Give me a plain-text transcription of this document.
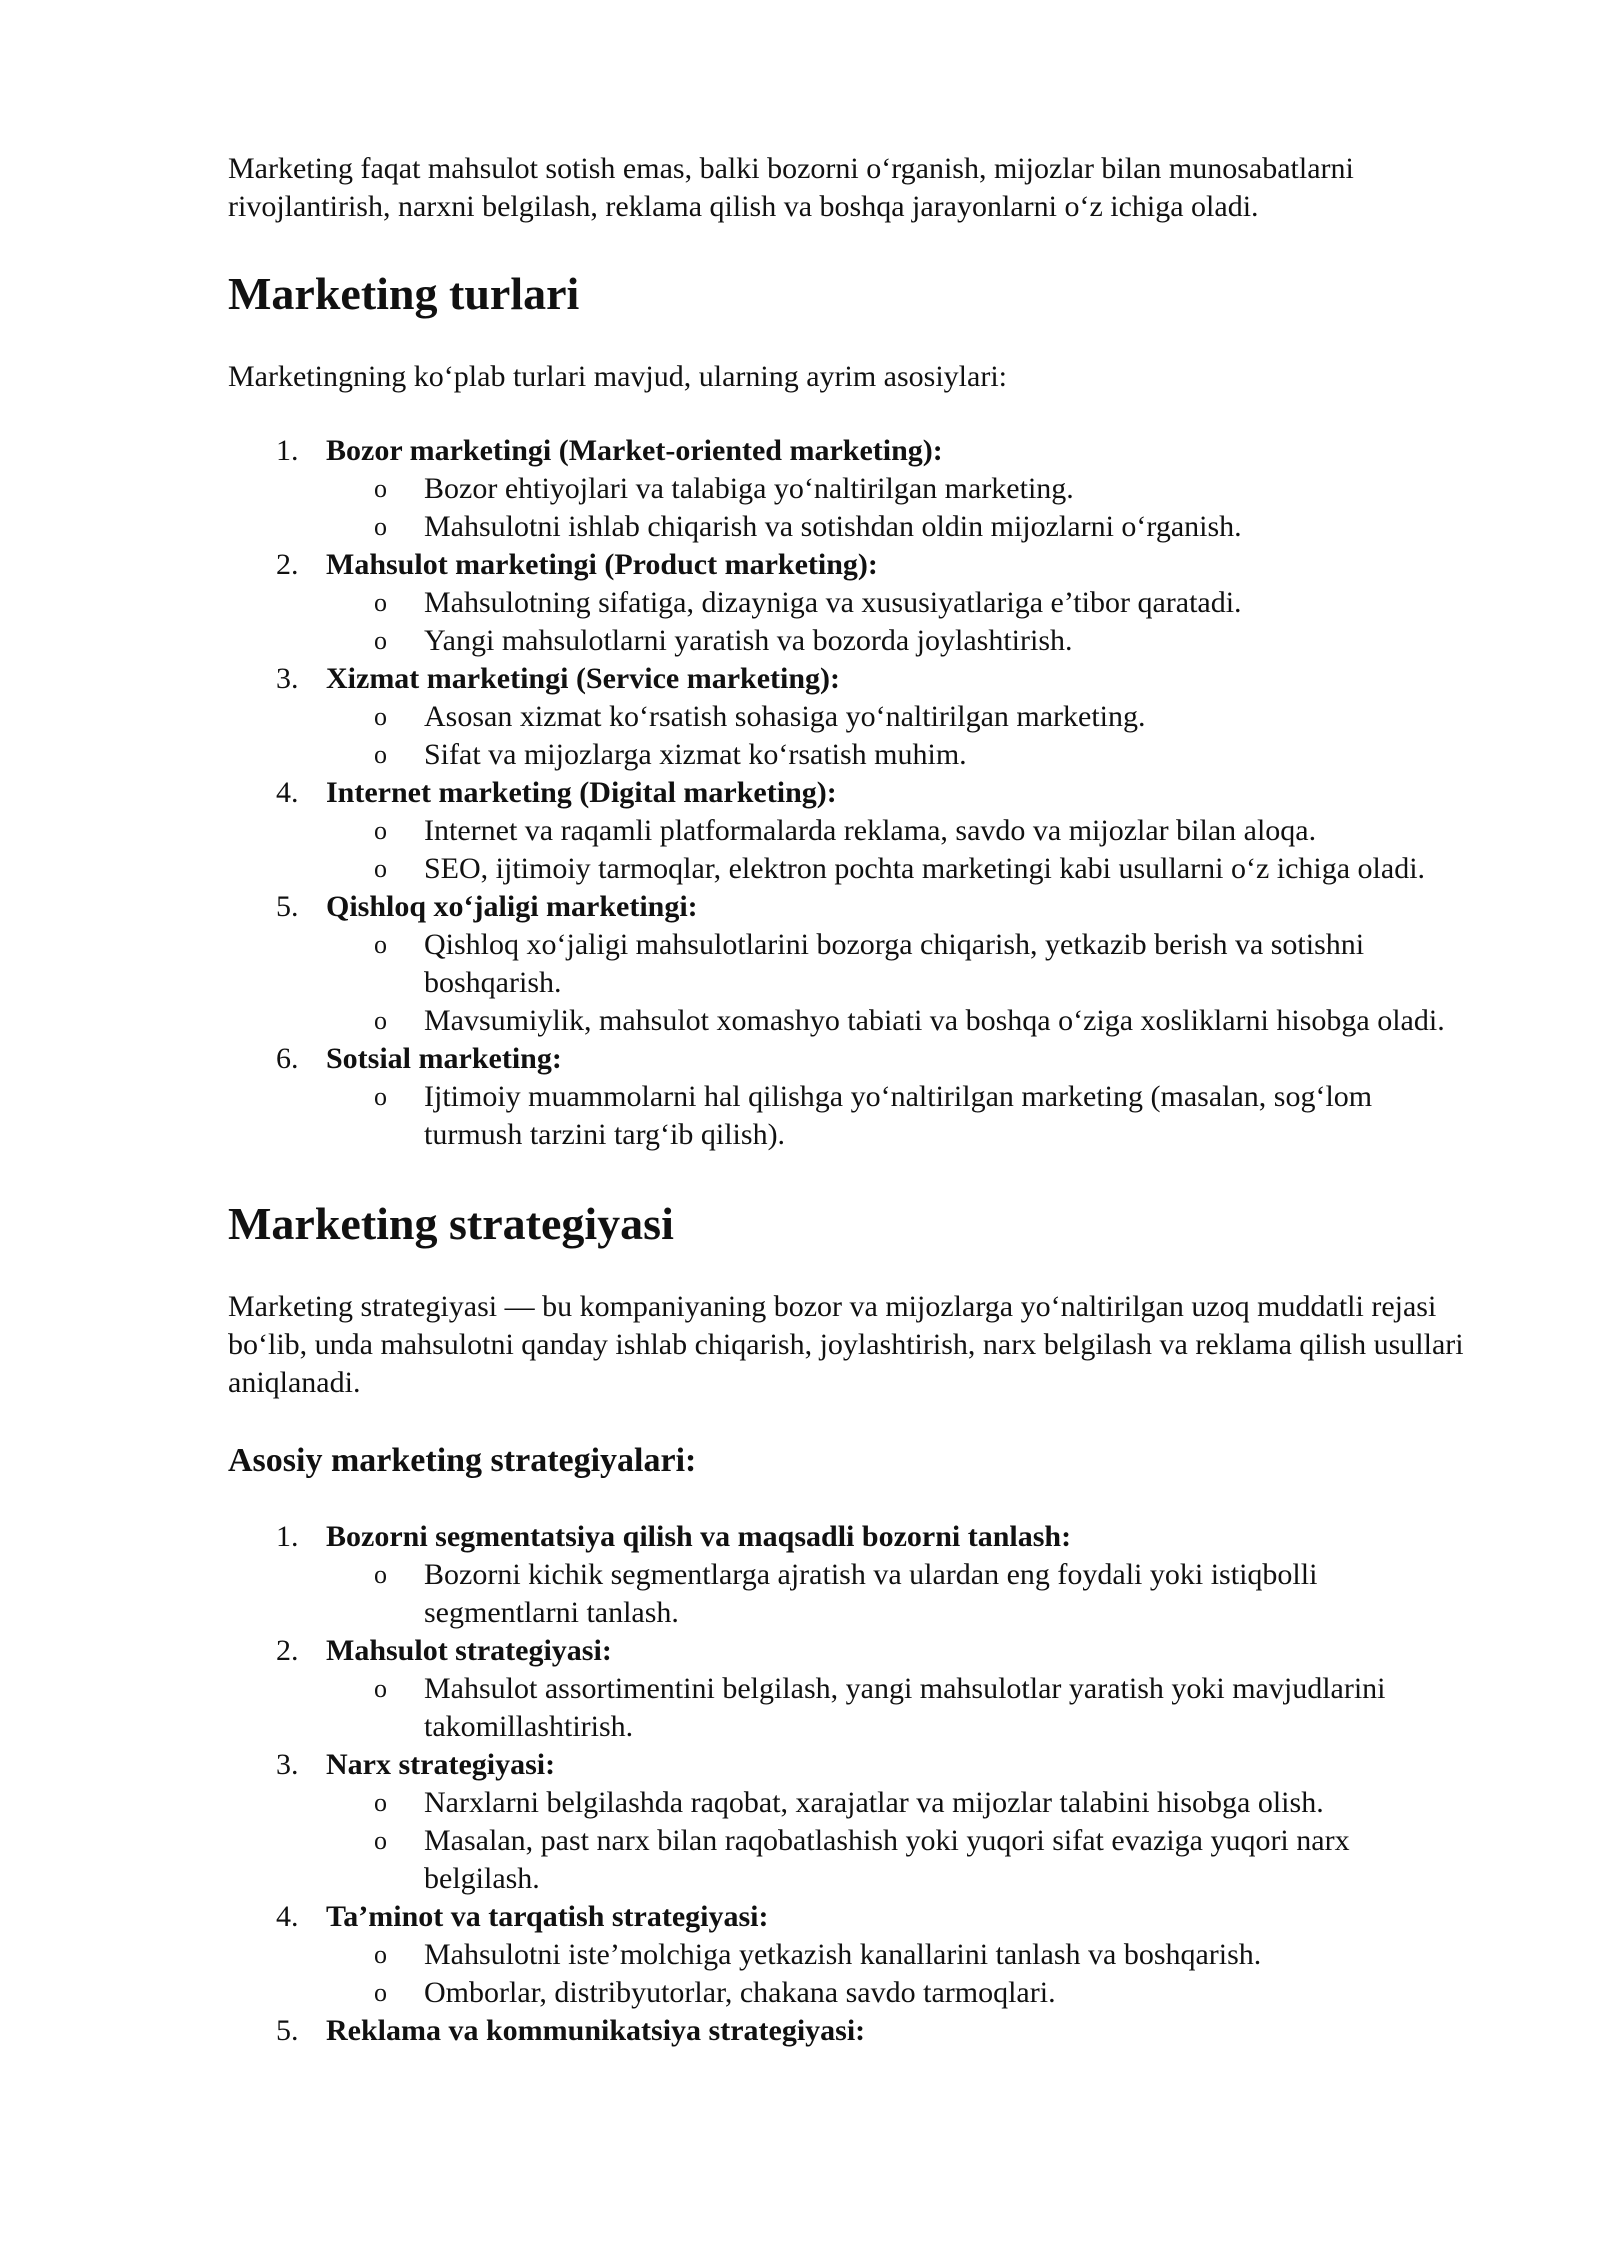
Marketing faqat mahsulot sotish emas, balki bozorni o‘rganish, mijozlar bilan munosabatlarni rivojlantirish, narxni belgilash, reklama qilish va boshqa jarayonlarni o‘z ichiga oladi.

Marketing turlari

Marketingning ko‘plab turlari mavjud, ularning ayrim asosiylari:

1. Bozor marketingi (Market-oriented marketing):
o Bozor ehtiyojlari va talabiga yo‘naltirilgan marketing.
o Mahsulotni ishlab chiqarish va sotishdan oldin mijozlarni o‘rganish.
2. Mahsulot marketingi (Product marketing):
o Mahsulotning sifatiga, dizayniga va xususiyatlariga e’tibor qaratadi.
o Yangi mahsulotlarni yaratish va bozorda joylashtirish.
3. Xizmat marketingi (Service marketing):
o Asosan xizmat ko‘rsatish sohasiga yo‘naltirilgan marketing.
o Sifat va mijozlarga xizmat ko‘rsatish muhim.
4. Internet marketing (Digital marketing):
o Internet va raqamli platformalarda reklama, savdo va mijozlar bilan aloqa.
o SEO, ijtimoiy tarmoqlar, elektron pochta marketingi kabi usullarni o‘z ichiga oladi.
5. Qishloq xo‘jaligi marketingi:
o Qishloq xo‘jaligi mahsulotlarini bozorga chiqarish, yetkazib berish va sotishni boshqarish.
o Mavsumiylik, mahsulot xomashyo tabiati va boshqa o‘ziga xosliklarni hisobga oladi.
6. Sotsial marketing:
o Ijtimoiy muammolarni hal qilishga yo‘naltirilgan marketing (masalan, sog‘lom turmush tarzini targ‘ib qilish).
Marketing strategiyasi

Marketing strategiyasi — bu kompaniyaning bozor va mijozlarga yo‘naltirilgan uzoq muddatli rejasi bo‘lib, unda mahsulotni qanday ishlab chiqarish, joylashtirish, narx belgilash va reklama qilish usullari aniqlanadi.

Asosiy marketing strategiyalari:
1. Bozorni segmentatsiya qilish va maqsadli bozorni tanlash:
o Bozorni kichik segmentlarga ajratish va ulardan eng foydali yoki istiqbolli segmentlarni tanlash.
2. Mahsulot strategiyasi:
o Mahsulot assortimentini belgilash, yangi mahsulotlar yaratish yoki mavjudlarini takomillashtirish.
3. Narx strategiyasi:
o Narxlarni belgilashda raqobat, xarajatlar va mijozlar talabini hisobga olish.
o Masalan, past narx bilan raqobatlashish yoki yuqori sifat evaziga yuqori narx belgilash.
4. Ta’minot va tarqatish strategiyasi:
o Mahsulotni iste’molchiga yetkazish kanallarini tanlash va boshqarish.
o Omborlar, distribyutorlar, chakana savdo tarmoqlari.
5. Reklama va kommunikatsiya strategiyasi:
